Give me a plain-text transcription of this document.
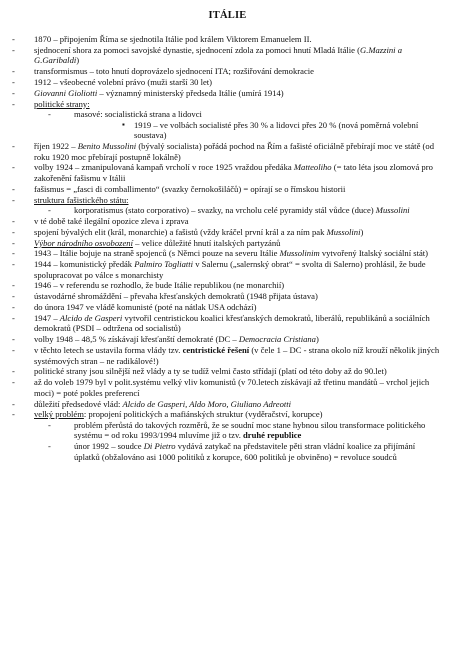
ITÁLIE
- 1870 – připojením Říma se sjednotila Itálie pod králem Viktorem Emanuelem II.
- sjednocení shora za pomoci savojské dynastie, sjednocení zdola za pomoci hnutí Mladá Itálie (G.Mazzini a G.Garibaldi)
- transformismus – toto hnutí doprovázelo sjednocení ITA; rozšiřování demokracie
- 1912 – všeobecné volební právo (muži starší 30 let)
- Giovanni Gioliotti – významný ministerský předseda Itálie (umírá 1914)
- politické strany:
- masové: socialistická strana a lidovci
▪ 1919 – ve volbách socialisté přes 30 % a lidovci přes 20 % (nová poměrná volební soustava)
- říjen 1922 – Benito Mussolini (bývalý socialista) pořádá pochod na Řím a fašisté oficiálně přebírají moc ve státě (od roku 1920 moc přebírají postupně lokálně)
- volby 1924 – zmanipulovaná kampaň vrcholí v roce 1925 vraždou předáka Matteoliho (= tato léta jsou zlomová pro zakořenění fašismu v Itálii
- fašismus = „fasci di comballimento“ (svazky černokošiláčů) = opírají se o římskou historii
- struktura fašistického státu:
- korporatismus (stato corporativo) – svazky, na vrcholu celé pyramidy stál vůdce (duce) Mussolini
- v té době také ilegální opozice zleva i zprava
- spojení bývalých elit (král, monarchie) a fašistů (vždy kráčel první král a za ním pak Mussolini)
- Výbor národního osvobození – velice důležité hnutí italských partyzánů
- 1943 – Itálie bojuje na straně spojenců (s Němci pouze na severu Itálie Mussolinim vytvořený Italský sociální stát)
- 1944 – komunistický předák Palmiro Togliatti v Salernu („salernský obrat“ = svolta di Salerno) prohlásil, že bude spolupracovat po válce s monarchisty
- 1946 – v referendu se rozhodlo, že bude Itálie republikou (ne monarchií)
- ústavodárné shromáždění – převaha křesťanských demokratů (1948 přijata ústava)
- do února 1947 ve vládě komunisté (poté na nátlak USA odchází)
- 1947 – Alcido de Gasperi vytvořil centristickou koalici křesťanských demokratů, liberálů, republikánů a sociálních demokratů (PSDI – odtržena od socialistů)
- volby 1948 – 48,5 % získávají křesťanští demokraté (DC – Democracia Cristiana)
- v těchto letech se ustavila forma vlády tzv. centristické řešení (v čele 1 – DC - strana okolo níž krouží několik jiných systémových stran – ne radikálové!)
- politické strany jsou silnější než vlády a ty se tudíž velmi často střídají (platí od této doby až do 90.let)
- až do voleb 1979 byl v polit.systému velký vliv komunistů (v 70.letech získávají až třetinu mandátů – vrchol jejich moci) = poté pokles preferencí
- důležití předsedové vlád: Alcido de Gasperi, Aldo Moro, Giuliano Adreotti
- velký problém: propojení politických a mafiánských struktur (vyděračství, korupce)
- problém přerůstá do takových rozměrů, že se soudní moc stane hybnou silou transformace politického systému = od roku 1993/1994 mluvíme již o tzv. druhé republice
- únor 1992 – soudce Di Pietro vydává zatykač na představitele pěti stran vládní koalice za přijímání úplatků (obžalováno asi 1000 politiků z korupce, 600 politiků je obviněno) = revoluce soudců
